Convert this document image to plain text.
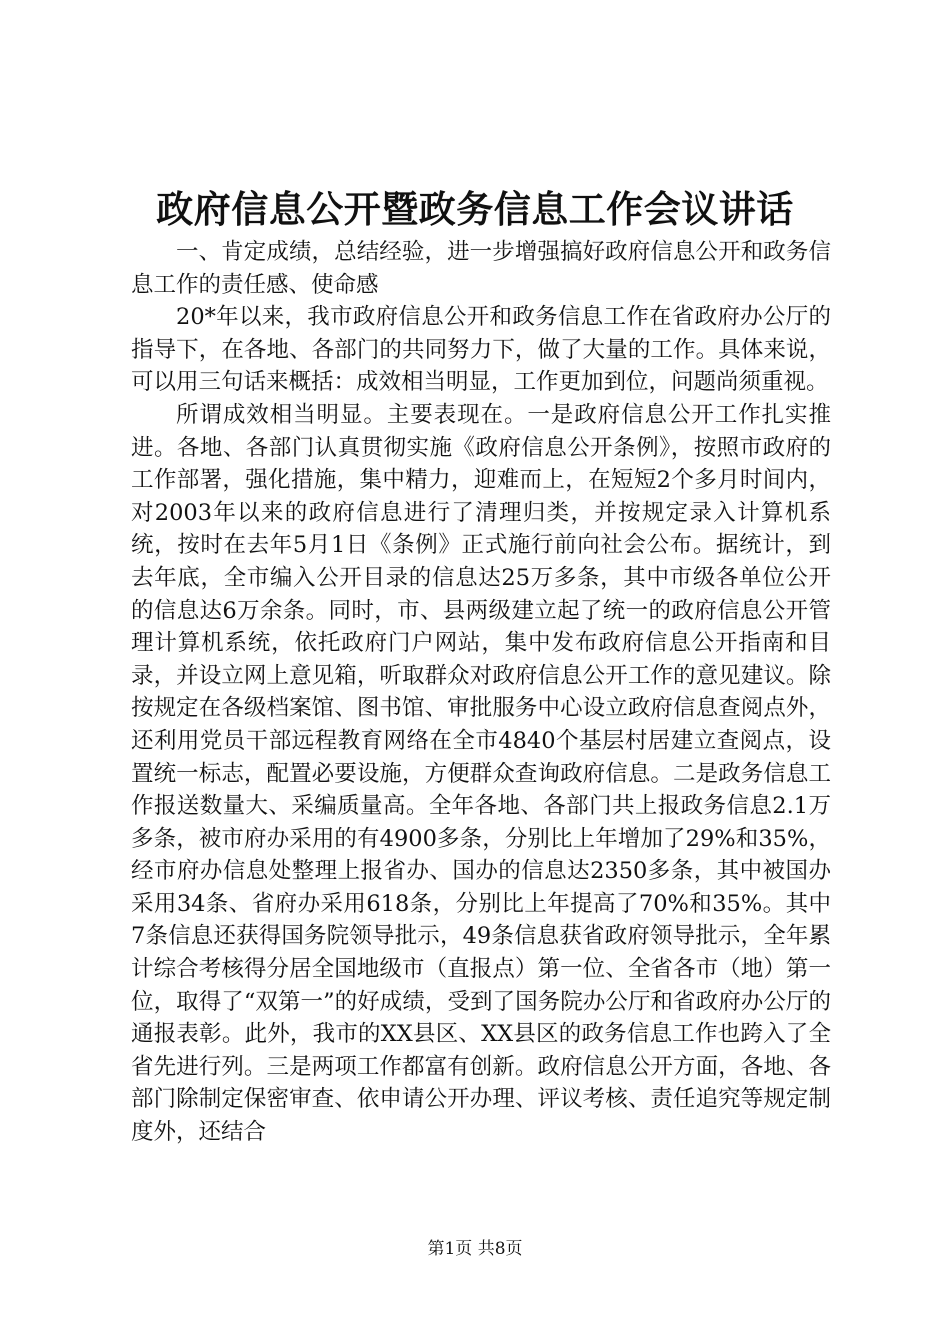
政府信息公开暨政务信息工作会议讲话

一、肯定成绩，总结经验，进一步增强搞好政府信息公开和政务信息工作的责任感、使命感

20*年以来，我市政府信息公开和政务信息工作在省政府办公厅的指导下，在各地、各部门的共同努力下，做了大量的工作。具体来说，可以用三句话来概括：成效相当明显，工作更加到位，问题尚须重视。

所谓成效相当明显。主要表现在。一是政府信息公开工作扎实推进。各地、各部门认真贯彻实施《政府信息公开条例》，按照市政府的工作部署，强化措施，集中精力，迎难而上，在短短2个多月时间内，对2003年以来的政府信息进行了清理归类，并按规定录入计算机系统，按时在去年5月1日《条例》正式施行前向社会公布。据统计，到去年底，全市编入公开目录的信息达25万多条，其中市级各单位公开的信息达6万余条。同时，市、县两级建立起了统一的政府信息公开管理计算机系统，依托政府门户网站，集中发布政府信息公开指南和目录，并设立网上意见箱，听取群众对政府信息公开工作的意见建议。除按规定在各级档案馆、图书馆、审批服务中心设立政府信息查阅点外，还利用党员干部远程教育网络在全市4840个基层村居建立查阅点，设置统一标志，配置必要设施，方便群众查询政府信息。二是政务信息工作报送数量大、采编质量高。全年各地、各部门共上报政务信息2.1万多条，被市府办采用的有4900多条，分别比上年增加了29%和35%，经市府办信息处整理上报省办、国办的信息达2350多条，其中被国办采用34条、省府办采用618条，分别比上年提高了70%和35%。其中7条信息还获得国务院领导批示，49条信息获省政府领导批示，全年累计综合考核得分居全国地级市（直报点）第一位、全省各市（地）第一位，取得了“双第一”的好成绩，受到了国务院办公厅和省政府办公厅的通报表彰。此外，我市的XX县区、XX县区的政务信息工作也跨入了全省先进行列。三是两项工作都富有创新。政府信息公开方面，各地、各部门除制定保密审查、依申请公开办理、评议考核、责任追究等规定制度外，还结合

第1页 共8页
